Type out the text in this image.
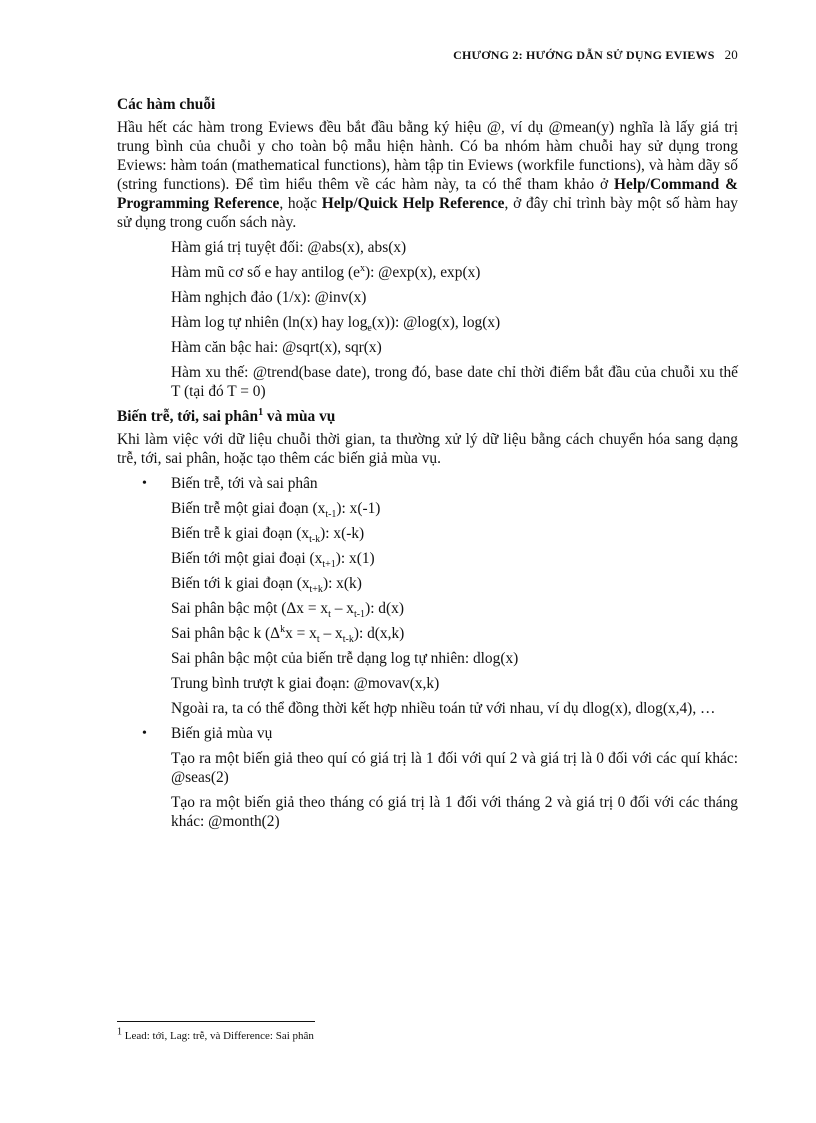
CHƯƠNG 2: HƯỚNG DẪN SỬ DỤNG EVIEWS 20
Các hàm chuỗi

Hầu hết các hàm trong Eviews đều bắt đầu bằng ký hiệu @, ví dụ @mean(y) nghĩa là lấy giá trị trung bình của chuỗi y cho toàn bộ mẫu hiện hành. Có ba nhóm hàm chuỗi hay sử dụng trong Eviews: hàm toán (mathematical functions), hàm tập tin Eviews (workfile functions), và hàm dãy số (string functions). Để tìm hiểu thêm về các hàm này, ta có thể tham khảo ở Help/Command & Programming Reference, hoặc Help/Quick Help Reference, ở đây chỉ trình bày một số hàm hay sử dụng trong cuốn sách này.

Hàm giá trị tuyệt đối: @abs(x), abs(x)

Hàm mũ cơ số e hay antilog $(e^x)$: @exp(x), exp(x)

Hàm nghịch đảo (1/x): @inv(x)

Hàm log tự nhiên (ln(x) hay $\log_e(x)$): @log(x), log(x)

Hàm căn bậc hai: @sqrt(x), sqr(x)

Hàm xu thế: @trend(base date), trong đó, base date chỉ thời điểm bắt đầu của chuỗi xu thế T (tại đó T = 0)

Biến trễ, tới, sai phân$^1$ và mùa vụ

Khi làm việc với dữ liệu chuỗi thời gian, ta thường xử lý dữ liệu bằng cách chuyển hóa sang dạng trễ, tới, sai phân, hoặc tạo thêm các biến giả mùa vụ.

• Biến trễ, tới và sai phân

Biến trễ một giai đoạn $(x_{t-1})$: x(-1)

Biến trễ k giai đoạn $(x_{t-k})$: x(-k)

Biến tới một giai đoại $(x_{t+1})$: x(1)

Biến tới k giai đoạn $(x_{t+k})$: x(k)

Sai phân bậc một $(\Delta x = x_t - x_{t-1})$: d(x)

Sai phân bậc k $(\Delta^kx = x_t - x_{t-k})$: d(x,k)

Sai phân bậc một của biến trễ dạng log tự nhiên: dlog(x)

Trung bình trượt k giai đoạn: @movav(x,k)

Ngoài ra, ta có thể đồng thời kết hợp nhiều toán tử với nhau, ví dụ dlog(x), dlog(x,4), …

• Biến giả mùa vụ

Tạo ra một biến giả theo quí có giá trị là 1 đối với quí 2 và giá trị là 0 đối với các quí khác: @seas(2)

Tạo ra một biến giả theo tháng có giá trị là 1 đối với tháng 2 và giá trị 0 đối với các tháng khác: @month(2)

$^1$ Lead: tới, Lag: trễ, và Difference: Sai phân
